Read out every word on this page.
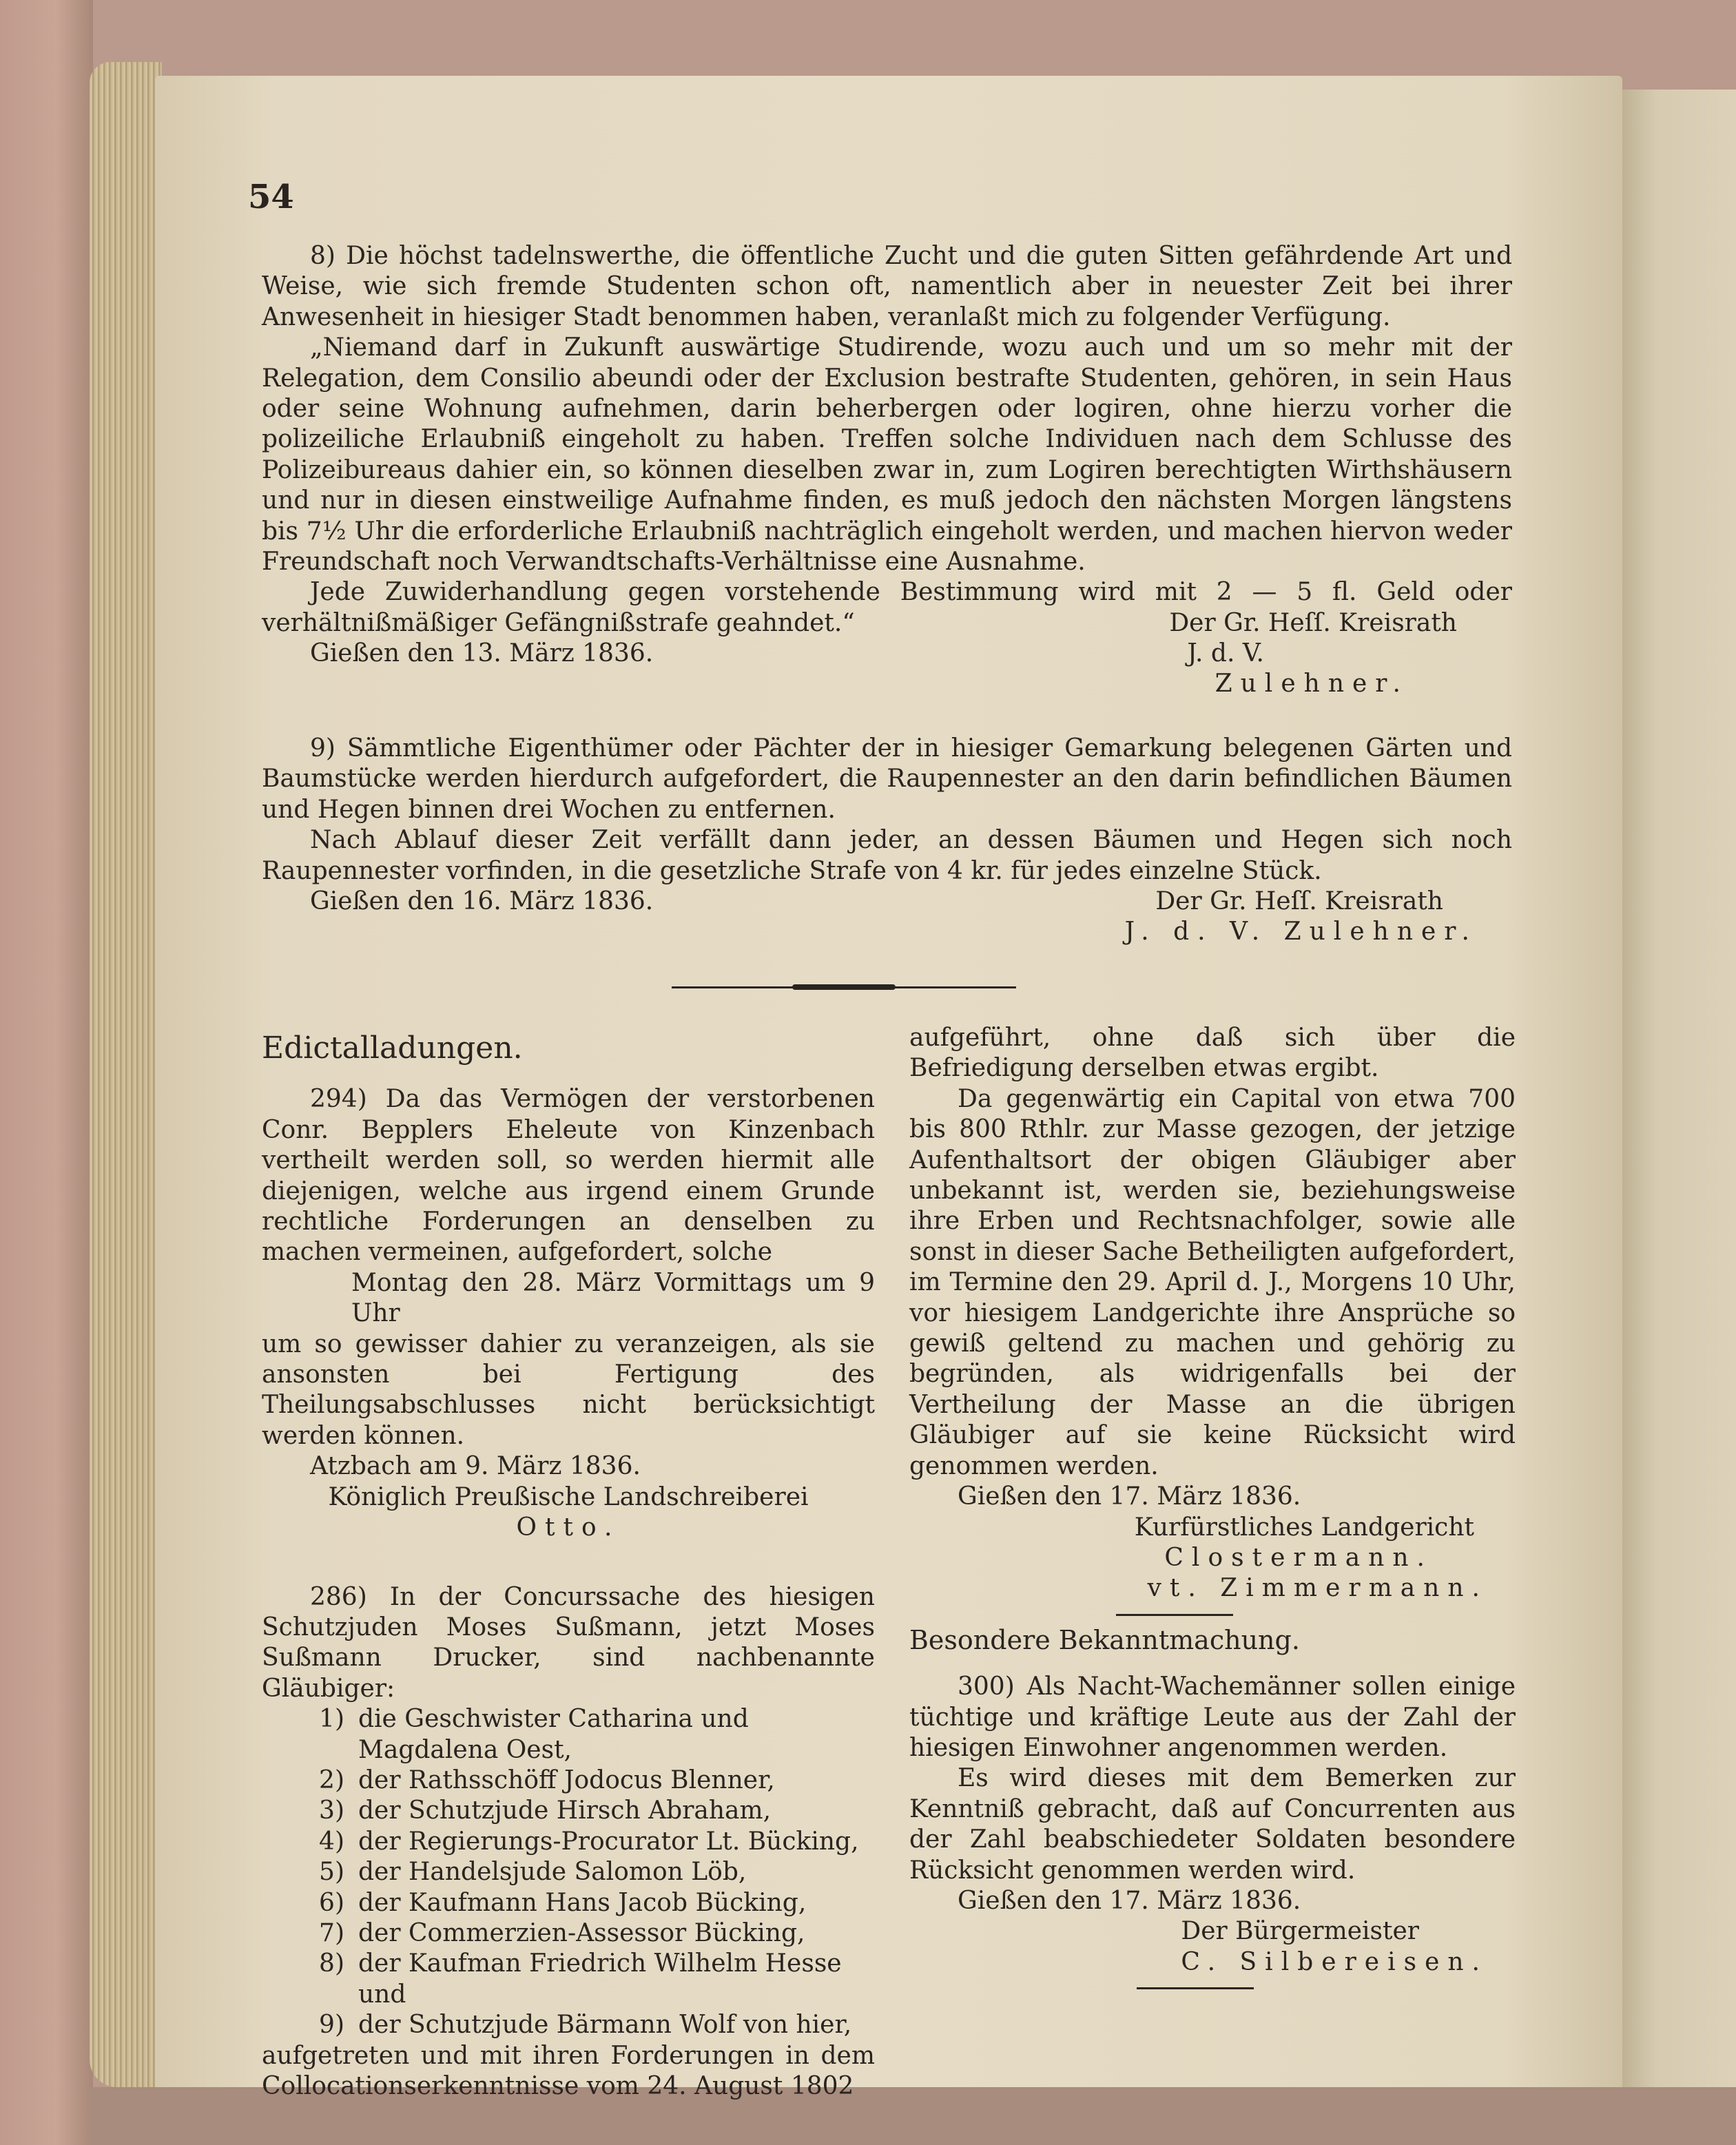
54

8) Die höchst tadelnswerthe, die öffentliche Zucht und die guten Sitten gefährdende Art und Weise, wie sich fremde Studenten schon oft, namentlich aber in neuester Zeit bei ihrer Anwesenheit in hiesiger Stadt benommen haben, veranlaßt mich zu folgender Verfügung.

„Niemand darf in Zukunft auswärtige Studirende, wozu auch und um so mehr mit der Relegation, dem Consilio abeundi oder der Exclusion bestrafte Studenten, gehören, in sein Haus oder seine Wohnung aufnehmen, darin beherbergen oder logiren, ohne hierzu vorher die polizeiliche Erlaubniß eingeholt zu haben. Treffen solche Individuen nach dem Schlusse des Polizeibureaus dahier ein, so können dieselben zwar in, zum Logiren berechtigten Wirthshäusern und nur in diesen einstweilige Aufnahme finden, es muß jedoch den nächsten Morgen längstens bis 7½ Uhr die erforderliche Erlaubniß nachträglich eingeholt werden, und machen hiervon weder Freundschaft noch Verwandtschafts-Verhältnisse eine Ausnahme.

Jede Zuwiderhandlung gegen vorstehende Bestimmung wird mit 2 — 5 fl. Geld oder verhältnißmäßiger Gefängnißstrafe geahndet.“

Gießen den 13. März 1836.
Der Gr. Heſſ. Kreisrath
J. d. V.
Zulehner.

9) Sämmtliche Eigenthümer oder Pächter der in hiesiger Gemarkung belegenen Gärten und Baumstücke werden hierdurch aufgefordert, die Raupennester an den darin befindlichen Bäumen und Hegen binnen drei Wochen zu entfernen.

Nach Ablauf dieser Zeit verfällt dann jeder, an dessen Bäumen und Hegen sich noch Raupennester vorfinden, in die gesetzliche Strafe von 4 kr. für jedes einzelne Stück.

Gießen den 16. März 1836.	Der Gr. Heſſ. Kreisrath
J. d. V. Zulehner.

Edictalladungen.

294) Da das Vermögen der verstorbenen Conr. Bepplers Eheleute von Kinzenbach vertheilt werden soll, so werden hiermit alle diejenigen, welche aus irgend einem Grunde rechtliche Forderungen an denselben zu machen vermeinen, aufgefordert, solche

Montag den 28. März Vormittags um 9 Uhr

um so gewisser dahier zu veranzeigen, als sie ansonsten bei Fertigung des Theilungsabschlusses nicht berücksichtigt werden können.

Atzbach am 9. März 1836.

Königlich Preußische Landschreiberei

Otto.

286) In der Concurssache des hiesigen Schutzjuden Moses Sußmann, jetzt Moses Sußmann Drucker, sind nachbenannte Gläubiger:

1) die Geschwister Catharina und Magdalena Oest,
2) der Rathsschöff Jodocus Blenner,
3) der Schutzjude Hirsch Abraham,
4) der Regierungs-Procurator Lt. Bücking,
5) der Handelsjude Salomon Löb,
6) der Kaufmann Hans Jacob Bücking,
7) der Commerzien-Assessor Bücking,
8) der Kaufman Friedrich Wilhelm Hesse und
9) der Schutzjude Bärmann Wolf von hier,

aufgetreten und mit ihren Forderungen in dem Collocationserkenntnisse vom 24. August 1802

aufgeführt, ohne daß sich über die Befriedigung derselben etwas ergibt.

Da gegenwärtig ein Capital von etwa 700 bis 800 Rthlr. zur Masse gezogen, der jetzige Aufenthaltsort der obigen Gläubiger aber unbekannt ist, werden sie, beziehungsweise ihre Erben und Rechtsnachfolger, sowie alle sonst in dieser Sache Betheiligten aufgefordert, im Termine den 29. April d. J., Morgens 10 Uhr, vor hiesigem Landgerichte ihre Ansprüche so gewiß geltend zu machen und gehörig zu begründen, als widrigenfalls bei der Vertheilung der Masse an die übrigen Gläubiger auf sie keine Rücksicht wird genommen werden.

Gießen den 17. März 1836.

Kurfürstliches Landgericht

Clostermann.

vt. Zimmermann.

Besondere Bekanntmachung.

300) Als Nacht-Wachemänner sollen einige tüchtige und kräftige Leute aus der Zahl der hiesigen Einwohner angenommen werden.

Es wird dieses mit dem Bemerken zur Kenntniß gebracht, daß auf Concurrenten aus der Zahl beabschiedeter Soldaten besondere Rücksicht genommen werden wird.

Gießen den 17. März 1836.

Der Bürgermeister

C. Silbereisen.
